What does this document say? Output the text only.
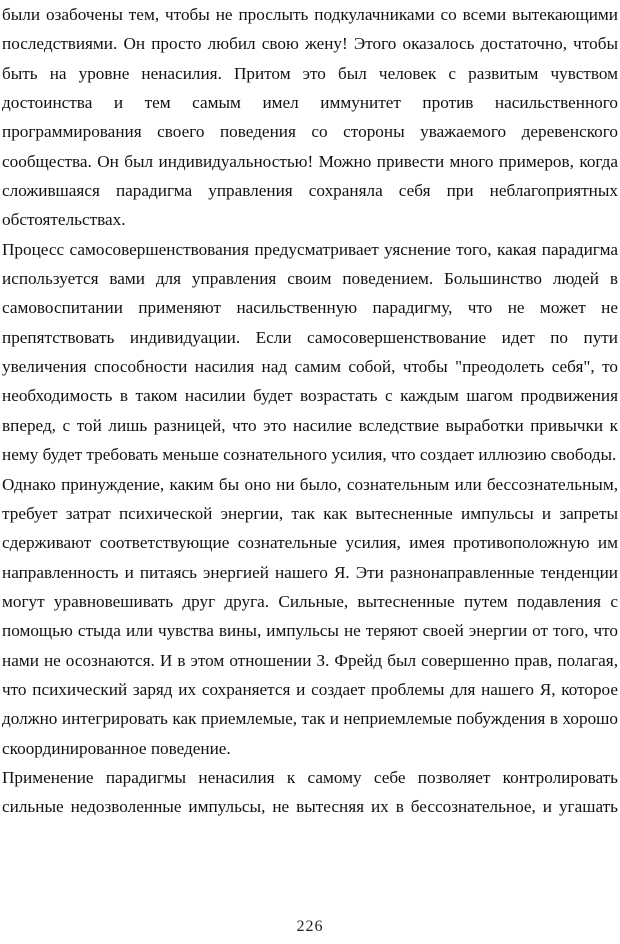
были озабочены тем, чтобы не прослыть подкулачниками со всеми вытекающими последствиями. Он просто любил свою жену! Этого оказалось достаточно, чтобы быть на уровне ненасилия. Притом это был человек с развитым чувством достоинства и тем самым имел иммунитет против насильственного программирования своего поведения со стороны уважаемого деревенского сообщества. Он был индивидуальностью! Можно привести много примеров, когда сложившаяся парадигма управления сохраняла себя при неблагоприятных обстоятельствах.

Процесс самосовершенствования предусматривает уяснение того, какая парадигма используется вами для управления своим поведением. Большинство людей в самовоспитании применяют насильственную парадигму, что не может не препятствовать индивидуации. Если самосовершенствование идет по пути увеличения способности насилия над самим собой, чтобы "преодолеть себя", то необходимость в таком насилии будет возрастать с каждым шагом продвижения вперед, с той лишь разницей, что это насилие вследствие выработки привычки к нему будет требовать меньше сознательного усилия, что создает иллюзию свободы.

Однако принуждение, каким бы оно ни было, сознательным или бессознательным, требует затрат психической энергии, так как вытесненные импульсы и запреты сдерживают соответствующие сознательные усилия, имея противоположную им направленность и питаясь энергией нашего Я. Эти разнонаправленные тенденции могут уравновешивать друг друга. Сильные, вытесненные путем подавления с помощью стыда или чувства вины, импульсы не теряют своей энергии от того, что нами не осознаются. И в этом отношении З. Фрейд был совершенно прав, полагая, что психический заряд их сохраняется и создает проблемы для нашего Я, которое должно интегрировать как приемлемые, так и неприемлемые побуждения в хорошо скоординированное поведение.

Применение парадигмы ненасилия к самому себе позволяет контролировать сильные недозволенные импульсы, не вытесняя их в бессознательное, и угашать

226
